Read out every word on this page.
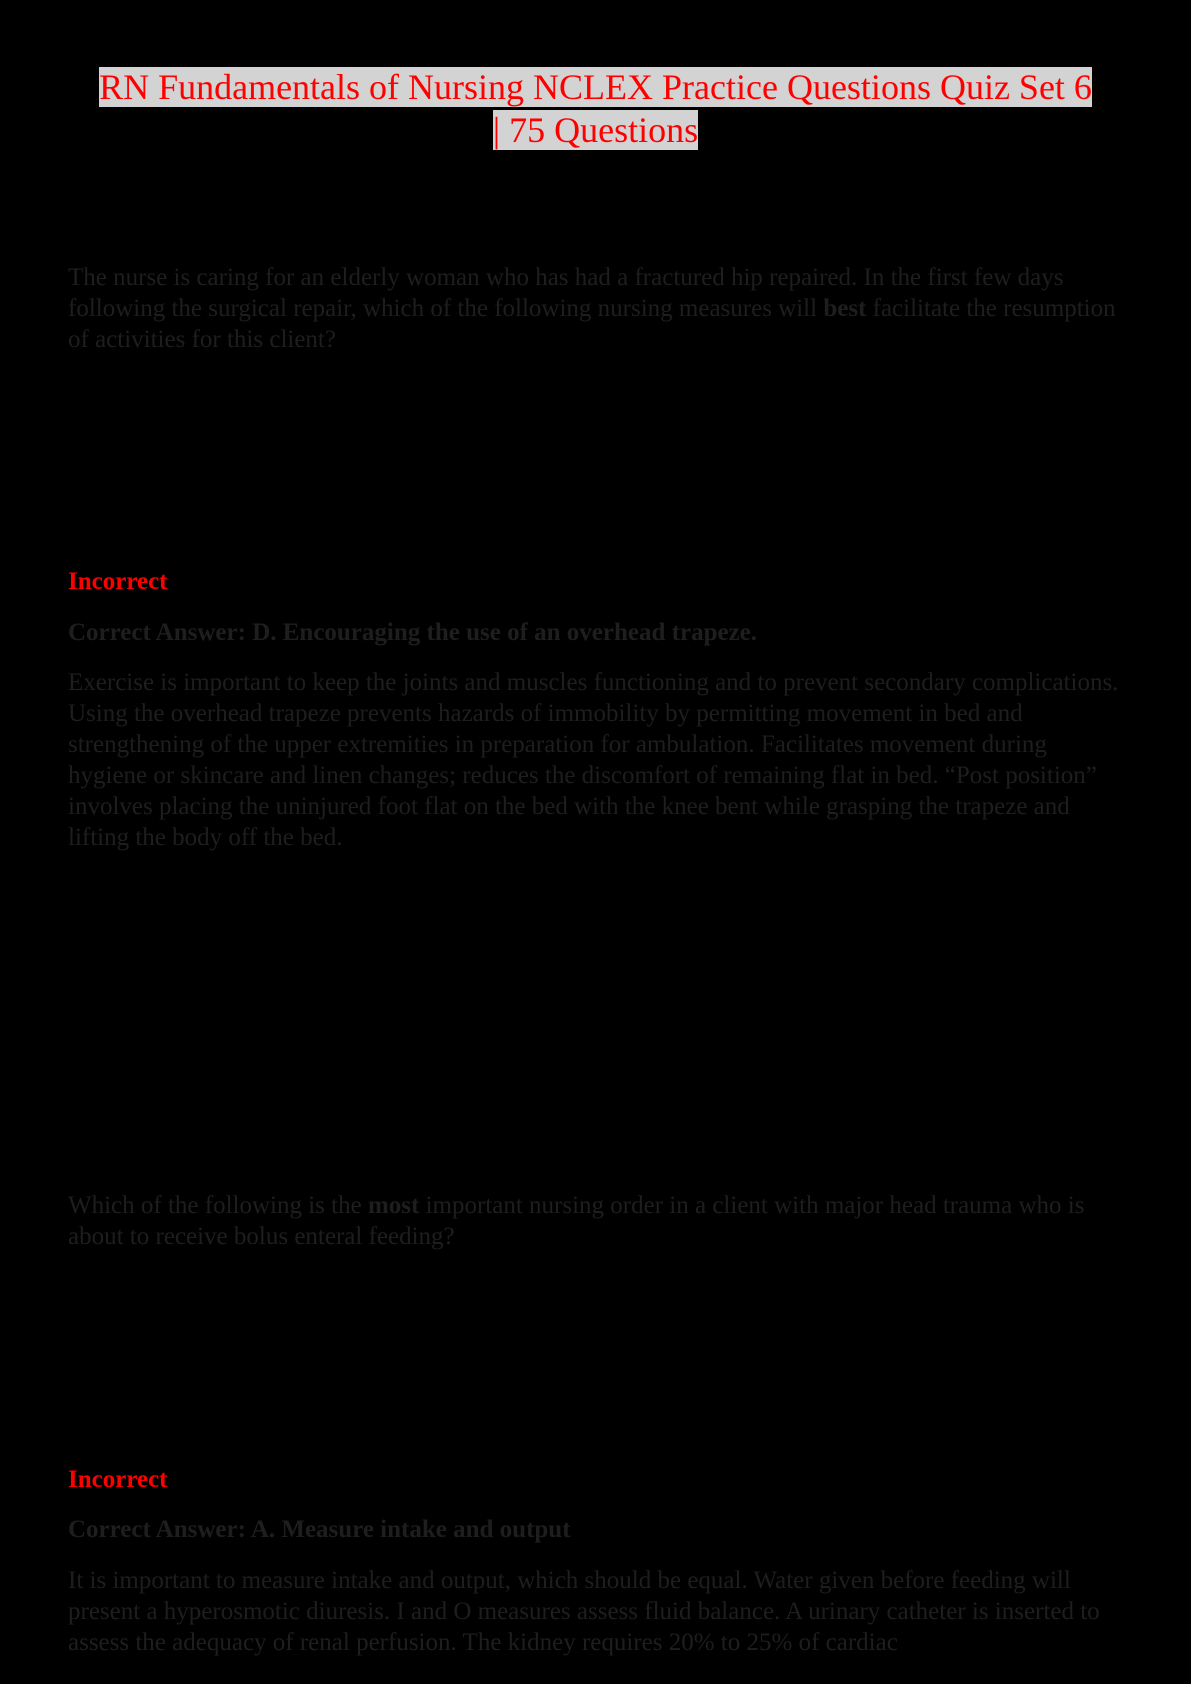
RN Fundamentals of Nursing NCLEX Practice Questions Quiz Set 6
| 75 Questions
The nurse is caring for an elderly woman who has had a fractured hip repaired. In the first few days following the surgical repair, which of the following nursing measures will best facilitate the resumption of activities for this client?
Incorrect
Correct Answer: D. Encouraging the use of an overhead trapeze.
Exercise is important to keep the joints and muscles functioning and to prevent secondary complications. Using the overhead trapeze prevents hazards of immobility by permitting movement in bed and strengthening of the upper extremities in preparation for ambulation. Facilitates movement during hygiene or skincare and linen changes; reduces the discomfort of remaining flat in bed. “Post position” involves placing the uninjured foot flat on the bed with the knee bent while grasping the trapeze and lifting the body off the bed.
Which of the following is the most important nursing order in a client with major head trauma who is about to receive bolus enteral feeding?
Incorrect
Correct Answer: A. Measure intake and output
It is important to measure intake and output, which should be equal. Water given before feeding will present a hyperosmotic diuresis. I and O measures assess fluid balance. A urinary catheter is inserted to assess the adequacy of renal perfusion. The kidney requires 20% to 25% of cardiac
